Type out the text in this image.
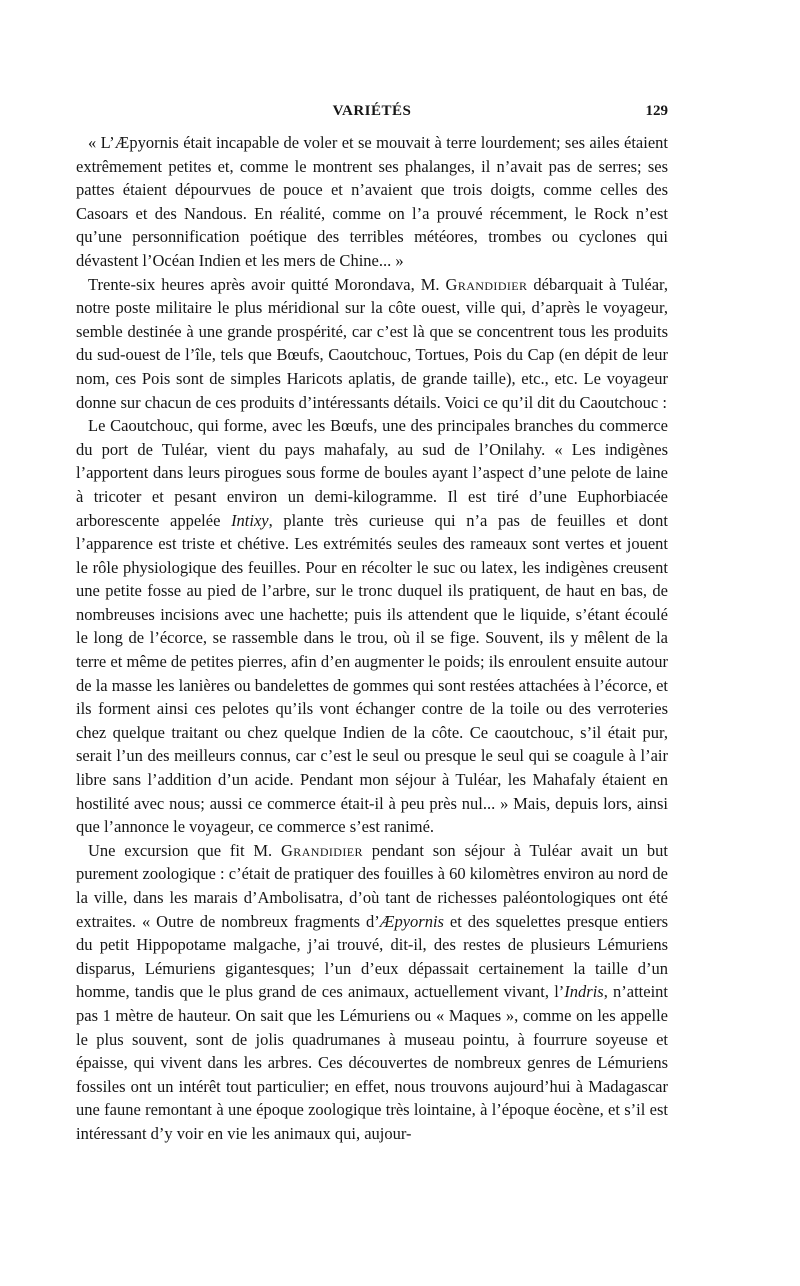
VARIÉTÉS	129

« L’Æpyornis était incapable de voler et se mouvait à terre lourdement; ses ailes étaient extrêmement petites et, comme le montrent ses phalanges, il n’avait pas de serres; ses pattes étaient dépourvues de pouce et n’avaient que trois doigts, comme celles des Casoars et des Nandous. En réalité, comme on l’a prouvé récemment, le Rock n’est qu’une personnification poétique des terribles météores, trombes ou cyclones qui dévastent l’Océan Indien et les mers de Chine... »

Trente-six heures après avoir quitté Morondava, M. Grandidier débarquait à Tuléar, notre poste militaire le plus méridional sur la côte ouest, ville qui, d’après le voyageur, semble destinée à une grande prospérité, car c’est là que se concentrent tous les produits du sud-ouest de l’île, tels que Bœufs, Caoutchouc, Tortues, Pois du Cap (en dépit de leur nom, ces Pois sont de simples Haricots aplatis, de grande taille), etc., etc. Le voyageur donne sur chacun de ces produits d’intéressants détails. Voici ce qu’il dit du Caoutchouc :

Le Caoutchouc, qui forme, avec les Bœufs, une des principales branches du commerce du port de Tuléar, vient du pays mahafaly, au sud de l’Onilahy. « Les indigènes l’apportent dans leurs pirogues sous forme de boules ayant l’aspect d’une pelote de laine à tricoter et pesant environ un demi-kilogramme. Il est tiré d’une Euphorbiacée arborescente appelée Intixy, plante très curieuse qui n’a pas de feuilles et dont l’apparence est triste et chétive. Les extrémités seules des rameaux sont vertes et jouent le rôle physiologique des feuilles. Pour en récolter le suc ou latex, les indigènes creusent une petite fosse au pied de l’arbre, sur le tronc duquel ils pratiquent, de haut en bas, de nombreuses incisions avec une hachette; puis ils attendent que le liquide, s’étant écoulé le long de l’écorce, se rassemble dans le trou, où il se fige. Souvent, ils y mêlent de la terre et même de petites pierres, afin d’en augmenter le poids; ils enroulent ensuite autour de la masse les lanières ou bandelettes de gommes qui sont restées attachées à l’écorce, et ils forment ainsi ces pelotes qu’ils vont échanger contre de la toile ou des verroteries chez quelque traitant ou chez quelque Indien de la côte. Ce caoutchouc, s’il était pur, serait l’un des meilleurs connus, car c’est le seul ou presque le seul qui se coagule à l’air libre sans l’addition d’un acide. Pendant mon séjour à Tuléar, les Mahafaly étaient en hostilité avec nous; aussi ce commerce était-il à peu près nul... » Mais, depuis lors, ainsi que l’annonce le voyageur, ce commerce s’est ranimé.

Une excursion que fit M. Grandidier pendant son séjour à Tuléar avait un but purement zoologique : c’était de pratiquer des fouilles à 60 kilomètres environ au nord de la ville, dans les marais d’Ambolisatra, d’où tant de richesses paléontologiques ont été extraites. « Outre de nombreux fragments d’Æpyornis et des squelettes presque entiers du petit Hippopotame malgache, j’ai trouvé, dit-il, des restes de plusieurs Lémuriens disparus, Lémuriens gigantesques; l’un d’eux dépassait certainement la taille d’un homme, tandis que le plus grand de ces animaux, actuellement vivant, l’Indris, n’atteint pas 1 mètre de hauteur. On sait que les Lémuriens ou « Maques », comme on les appelle le plus souvent, sont de jolis quadrumanes à museau pointu, à fourrure soyeuse et épaisse, qui vivent dans les arbres. Ces découvertes de nombreux genres de Lémuriens fossiles ont un intérêt tout particulier; en effet, nous trouvons aujourd’hui à Madagascar une faune remontant à une époque zoologique très lointaine, à l’époque éocène, et s’il est intéressant d’y voir en vie les animaux qui, aujour-
